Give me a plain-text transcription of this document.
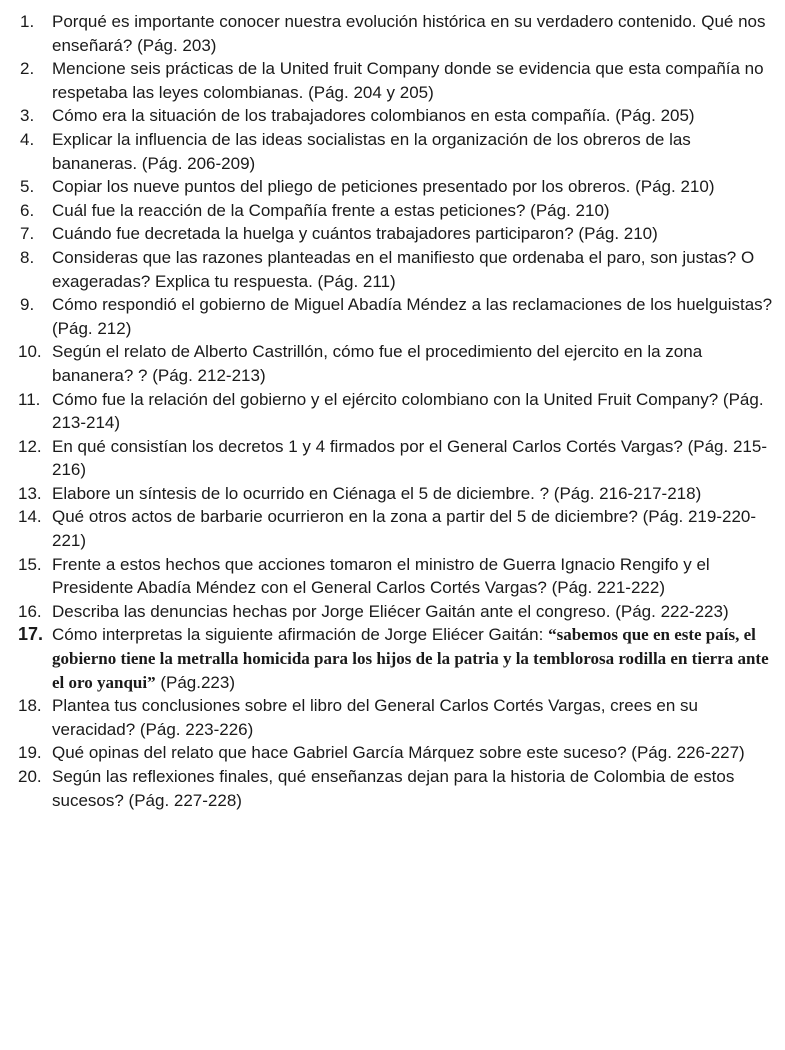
1.	Porqué es importante conocer nuestra evolución histórica en su verdadero contenido. Qué nos enseñará? (Pág. 203)
2.	Mencione seis prácticas de la United fruit Company donde se evidencia que esta compañía no respetaba las leyes colombianas. (Pág. 204 y 205)
3.	Cómo era la situación de los trabajadores colombianos en esta compañía. (Pág. 205)
4.	Explicar la influencia de las ideas socialistas en la organización de los obreros de las bananeras. (Pág. 206-209)
5.	Copiar los nueve puntos del pliego de peticiones presentado por los obreros. (Pág. 210)
6.	Cuál fue la reacción de la Compañía frente a estas peticiones? (Pág. 210)
7.	Cuándo fue decretada la huelga y cuántos trabajadores participaron? (Pág. 210)
8.	Consideras que las razones planteadas en el manifiesto que ordenaba el paro, son justas? O exageradas? Explica tu respuesta. (Pág. 211)
9.	Cómo respondió el gobierno de Miguel Abadía Méndez a las reclamaciones de los huelguistas? (Pág. 212)
10. Según el relato de Alberto Castrillón, cómo fue el procedimiento del ejercito en la zona bananera? ? (Pág. 212-213)
11. Cómo fue la relación del gobierno y el ejército colombiano con la United Fruit Company? (Pág. 213-214)
12. En qué consistían los decretos 1 y 4 firmados por el General Carlos Cortés Vargas? (Pág. 215-216)
13. Elabore un síntesis de lo ocurrido en Ciénaga el 5 de diciembre. ? (Pág. 216-217-218)
14. Qué otros actos de barbarie ocurrieron en la zona a partir del 5 de diciembre? (Pág. 219-220-221)
15. Frente a estos hechos que acciones tomaron el ministro de Guerra Ignacio Rengifo y el Presidente Abadía Méndez con el General Carlos Cortés Vargas? (Pág. 221-222)
16. Describa las denuncias hechas por Jorge Eliécer Gaitán ante el congreso. (Pág. 222-223)
17. Cómo interpretas la siguiente afirmación de Jorge Eliécer Gaitán: “sabemos que en este país, el gobierno tiene la metralla homicida para los hijos de la patria y la temblorosa rodilla en tierra ante el oro yanqui” (Pág.223)
18. Plantea tus conclusiones sobre el libro del General Carlos Cortés Vargas, crees en su veracidad? (Pág. 223-226)
19. Qué opinas del relato que hace Gabriel García Márquez sobre este suceso? (Pág. 226-227)
20. Según las reflexiones finales, qué enseñanzas dejan para la historia de Colombia de estos sucesos? (Pág. 227-228)
